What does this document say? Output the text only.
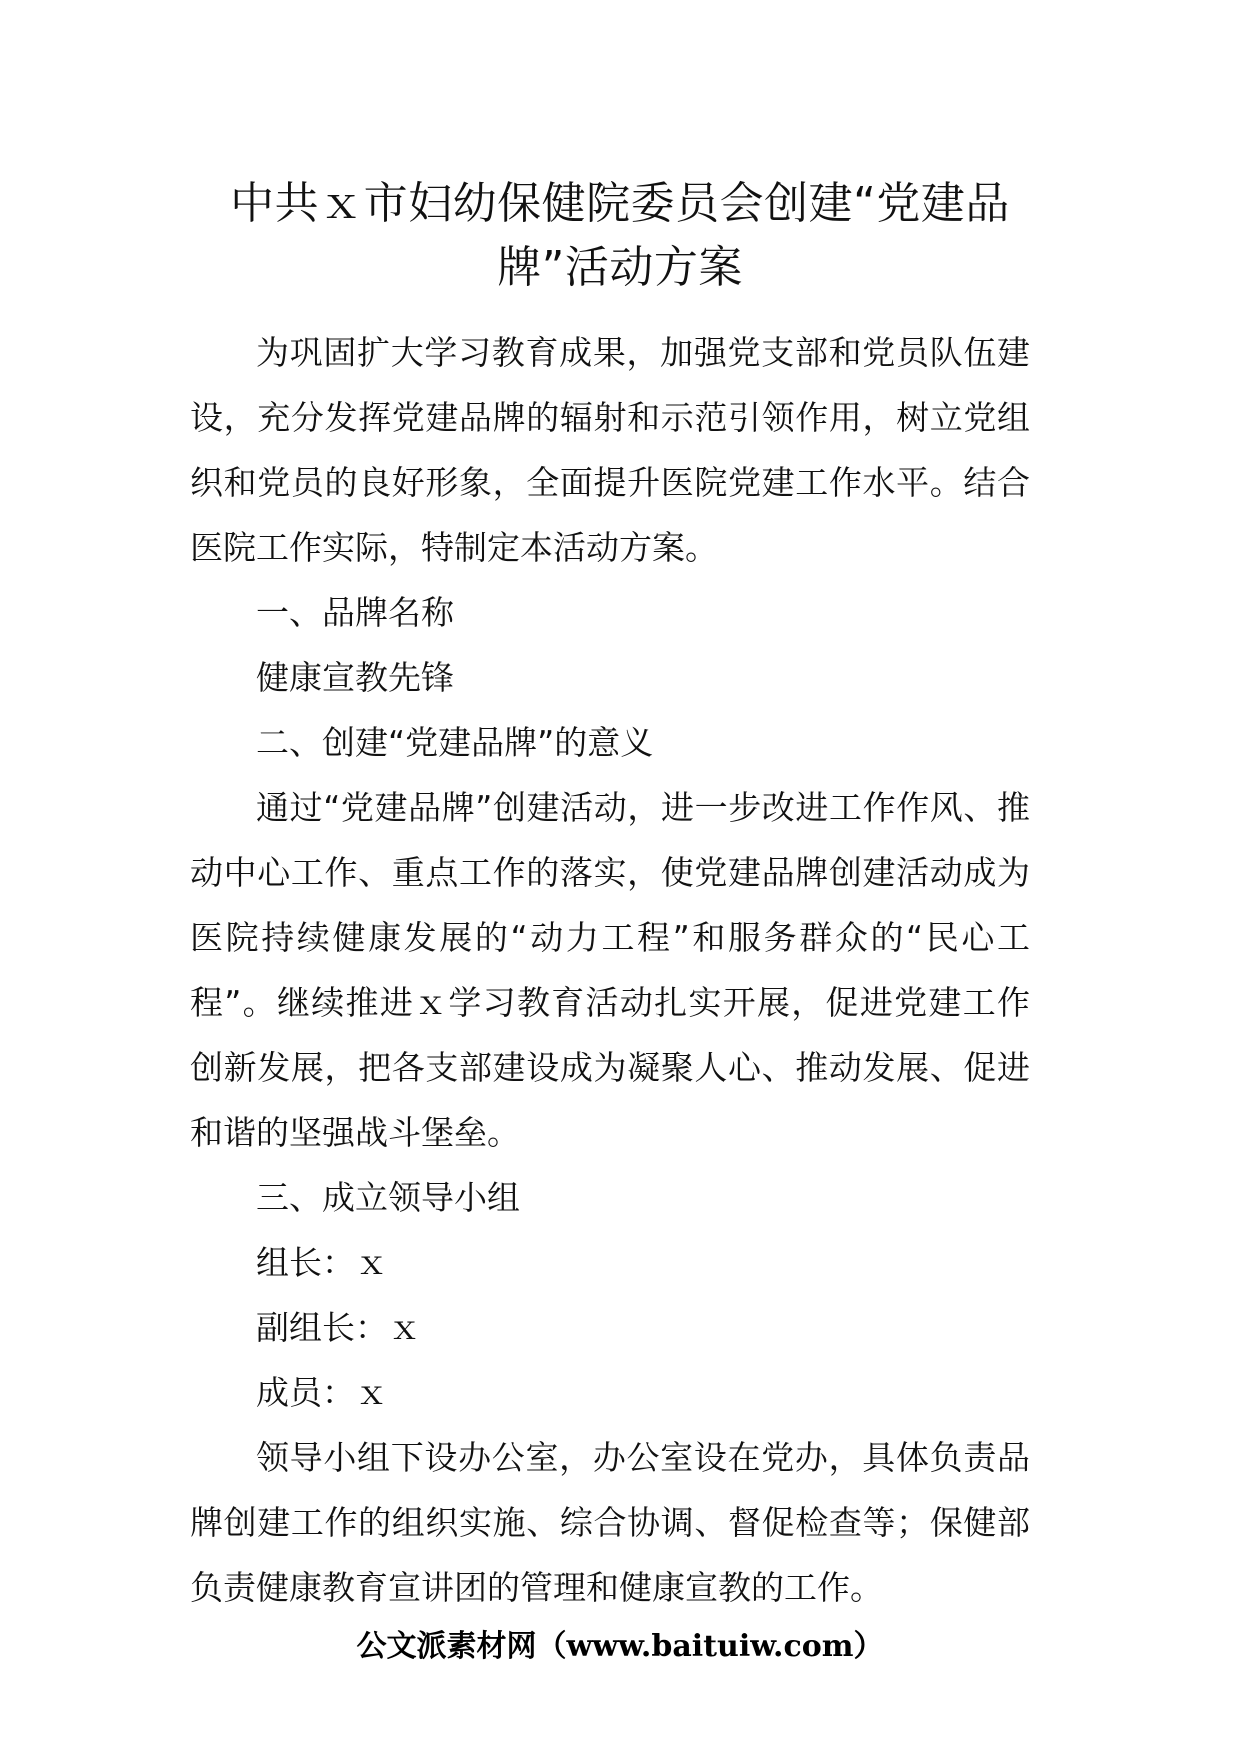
中共ｘ市妇幼保健院委员会创建“党建品牌”活动方案

为巩固扩大学习教育成果，加强党支部和党员队伍建设，充分发挥党建品牌的辐射和示范引领作用，树立党组织和党员的良好形象，全面提升医院党建工作水平。结合医院工作实际，特制定本活动方案。

一、品牌名称

健康宣教先锋

二、创建“党建品牌”的意义

通过“党建品牌”创建活动，进一步改进工作作风、推动中心工作、重点工作的落实，使党建品牌创建活动成为医院持续健康发展的“动力工程”和服务群众的“民心工程”。继续推进ｘ学习教育活动扎实开展，促进党建工作创新发展，把各支部建设成为凝聚人心、推动发展、促进和谐的坚强战斗堡垒。

三、成立领导小组

组长：ｘ

副组长：ｘ

成员：ｘ

领导小组下设办公室，办公室设在党办，具体负责品牌创建工作的组织实施、综合协调、督促检查等；保健部负责健康教育宣讲团的管理和健康宣教的工作。

公文派素材网（www.baituiw.com）
